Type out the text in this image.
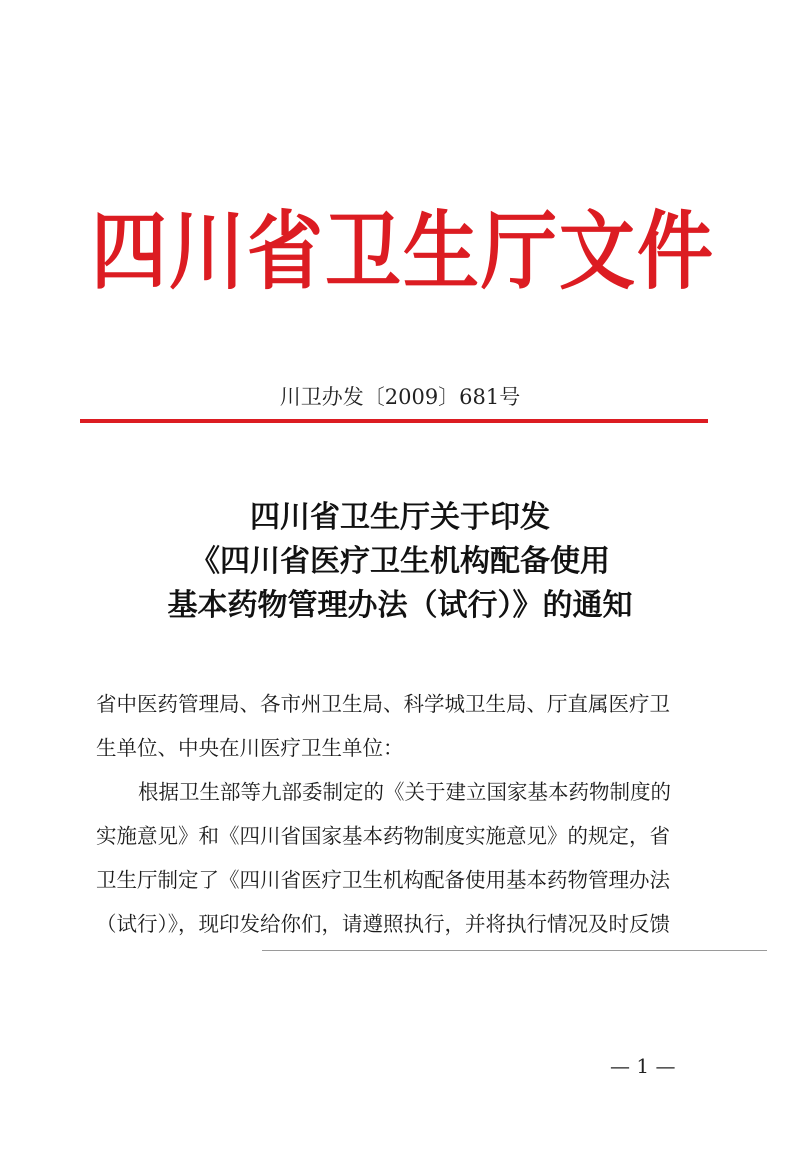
四川省卫生厅文件
川卫办发〔2009〕681号
四川省卫生厅关于印发
《四川省医疗卫生机构配备使用
基本药物管理办法（试行）》的通知
省中医药管理局、各市州卫生局、科学城卫生局、厅直属医疗卫
生单位、中央在川医疗卫生单位：
根据卫生部等九部委制定的《关于建立国家基本药物制度的
实施意见》和《四川省国家基本药物制度实施意见》的规定，省
卫生厅制定了《四川省医疗卫生机构配备使用基本药物管理办法
（试行）》，现印发给你们，请遵照执行，并将执行情况及时反馈
— 1 —
